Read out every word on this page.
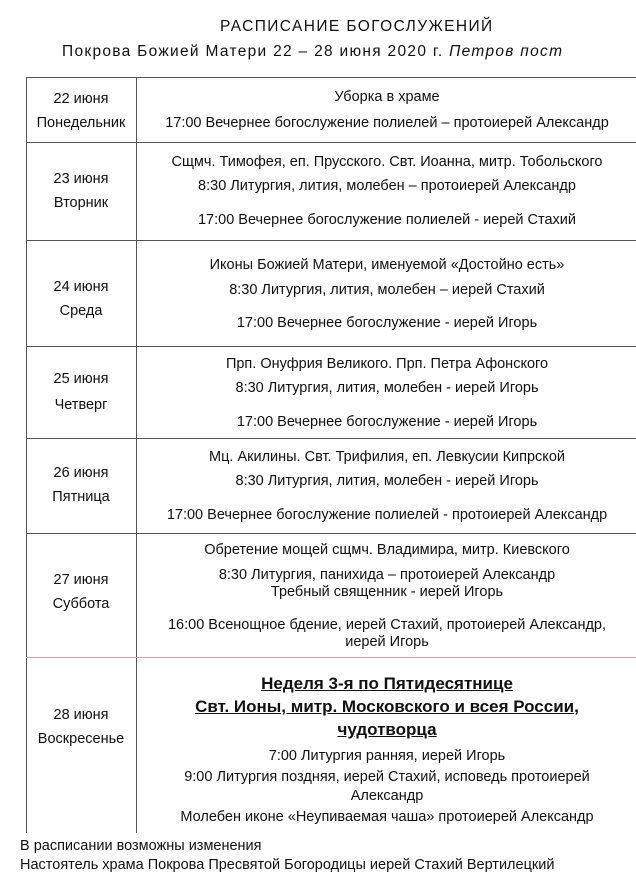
РАСПИСАНИЕ БОГОСЛУЖЕНИЙ
Покрова Божией Матери 22 – 28 июня 2020 г. Петров пост
22 июня
Понедельник
Уборка в храме
17:00 Вечернее богослужение полиелей – протоиерей Александр
23 июня
Вторник
Сщмч. Тимофея, еп. Прусского. Свт. Иоанна, митр. Тобольского
8:30 Литургия, лития, молебен – протоиерей Александр
17:00 Вечернее богослужение полиелей - иерей Стахий
24 июня
Среда
Иконы Божией Матери, именуемой «Достойно есть»
8:30 Литургия, лития, молебен – иерей Стахий
17:00 Вечернее богослужение - иерей Игорь
25 июня
Четверг
Прп. Онуфрия Великого. Прп. Петра Афонского
8:30 Литургия, лития, молебен - иерей Игорь
17:00 Вечернее богослужение - иерей Игорь
26 июня
Пятница
Мц. Акилины. Свт. Трифилия, еп. Левкусии Кипрской
8:30 Литургия, лития, молебен - иерей Игорь
17:00 Вечернее богослужение полиелей - протоиерей Александр
27 июня
Суббота
Обретение мощей сщмч. Владимира, митр. Киевского
8:30 Литургия, панихида – протоиерей Александр
Требный священник - иерей Игорь
16:00 Всенощное бдение, иерей Стахий, протоиерей Александр,
иерей Игорь
28 июня
Воскресенье
Неделя 3-я по Пятидесятнице
Свт. Ионы, митр. Московского и всея России,
чудотворца
7:00 Литургия ранняя, иерей Игорь
9:00 Литургия поздняя, иерей Стахий, исповедь протоиерей
Александр
Молебен иконе «Неупиваемая чаша» протоиерей Александр
В расписании возможны изменения
Настоятель храма Покрова Пресвятой Богородицы иерей Стахий Вертилецкий
